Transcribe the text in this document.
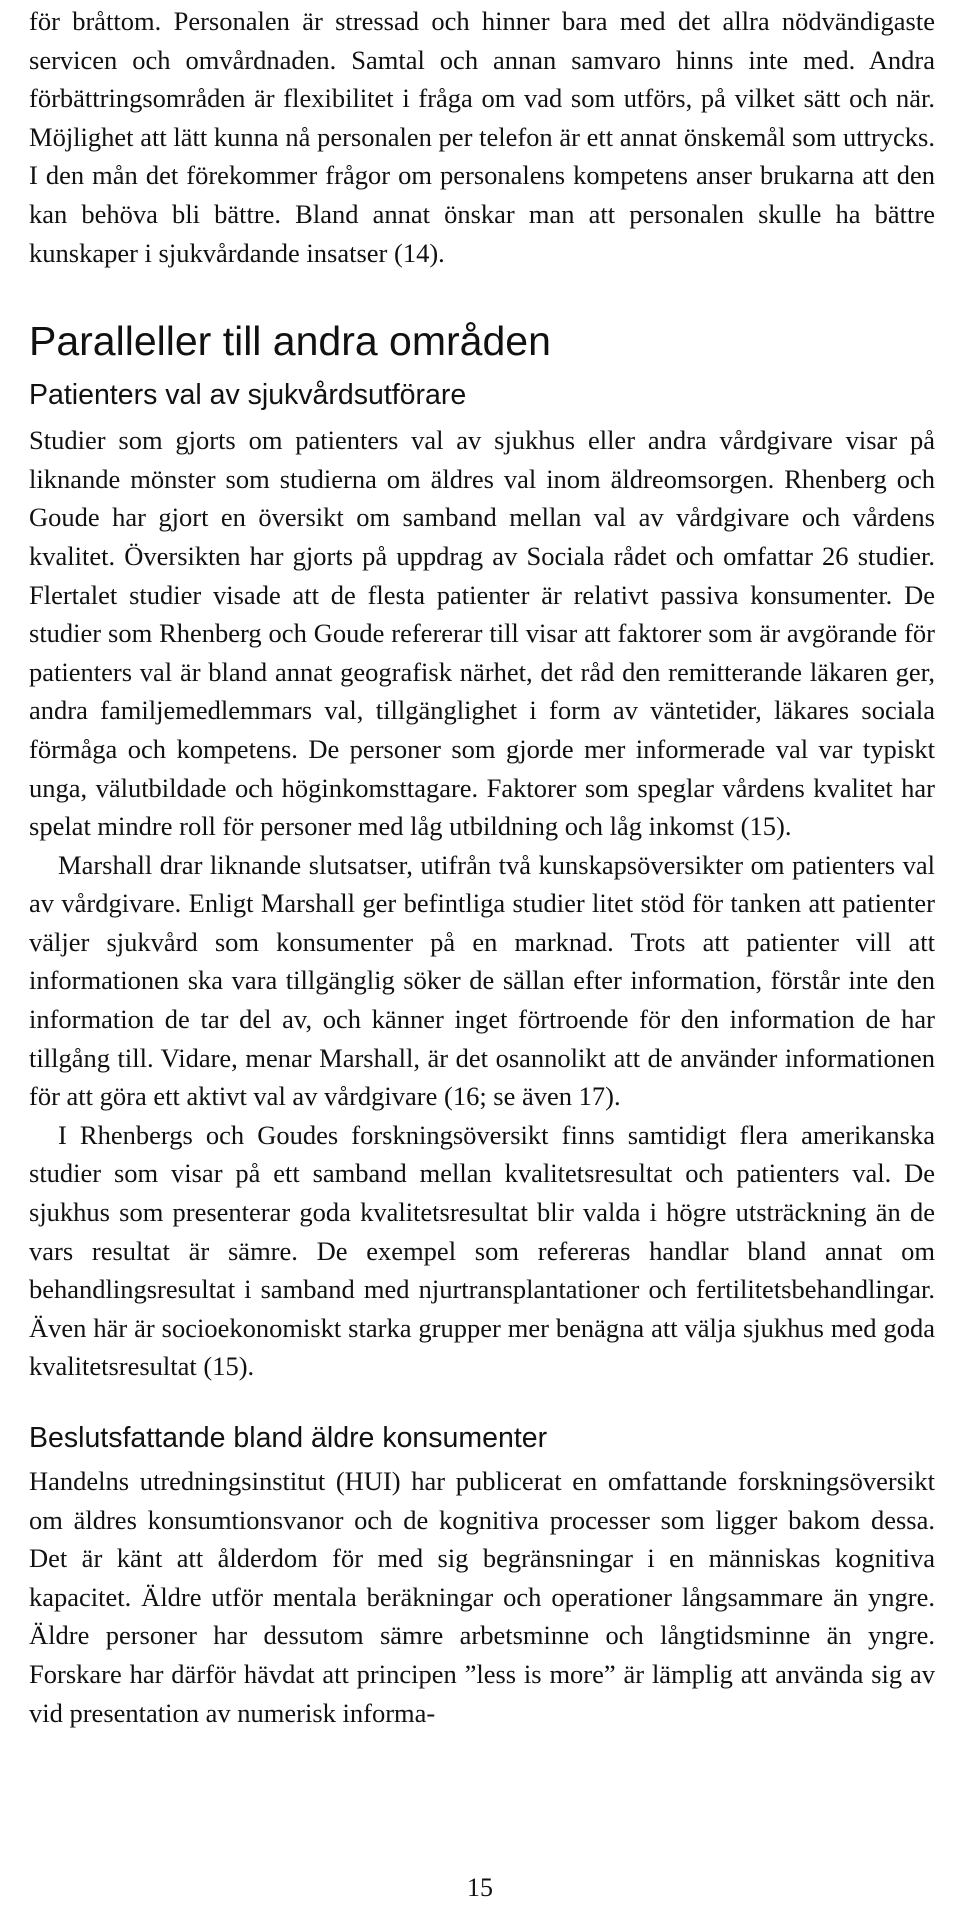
för bråttom. Personalen är stressad och hinner bara med det allra nödvändigaste servicen och omvårdnaden. Samtal och annan samvaro hinns inte med. Andra förbättringsområden är flexibilitet i fråga om vad som utförs, på vilket sätt och när. Möjlighet att lätt kunna nå personalen per telefon är ett annat önskemål som uttrycks. I den mån det förekommer frågor om personalens kompetens anser brukarna att den kan behöva bli bättre. Bland annat önskar man att personalen skulle ha bättre kunskaper i sjukvårdande insatser (14).

Paralleller till andra områden
Patienters val av sjukvårdsutförare

Studier som gjorts om patienters val av sjukhus eller andra vårdgivare visar på liknande mönster som studierna om äldres val inom äldreomsorgen. Rhenberg och Goude har gjort en översikt om samband mellan val av vårdgivare och vårdens kvalitet. Översikten har gjorts på uppdrag av Sociala rådet och omfattar 26 studier. Flertalet studier visade att de flesta patienter är relativt passiva konsumenter. De studier som Rhenberg och Goude refererar till visar att faktorer som är avgörande för patienters val är bland annat geografisk närhet, det råd den remitterande läkaren ger, andra familjemedlemmars val, tillgänglighet i form av väntetider, läkares sociala förmåga och kompetens. De personer som gjorde mer informerade val var typiskt unga, välutbildade och höginkomsttagare. Faktorer som speglar vårdens kvalitet har spelat mindre roll för personer med låg utbildning och låg inkomst (15).

Marshall drar liknande slutsatser, utifrån två kunskapsöversikter om patienters val av vårdgivare. Enligt Marshall ger befintliga studier litet stöd för tanken att patienter väljer sjukvård som konsumenter på en marknad. Trots att patienter vill att informationen ska vara tillgänglig söker de sällan efter information, förstår inte den information de tar del av, och känner inget förtroende för den information de har tillgång till. Vidare, menar Marshall, är det osannolikt att de använder informationen för att göra ett aktivt val av vårdgivare (16; se även 17).

I Rhenbergs och Goudes forskningsöversikt finns samtidigt flera amerikanska studier som visar på ett samband mellan kvalitetsresultat och patienters val. De sjukhus som presenterar goda kvalitetsresultat blir valda i högre utsträckning än de vars resultat är sämre. De exempel som refereras handlar bland annat om behandlingsresultat i samband med njurtransplantationer och fertilitetsbehandlingar. Även här är socioekonomiskt starka grupper mer benägna att välja sjukhus med goda kvalitetsresultat (15).

Beslutsfattande bland äldre konsumenter

Handelns utredningsinstitut (HUI) har publicerat en omfattande forskningsöversikt om äldres konsumtionsvanor och de kognitiva processer som ligger bakom dessa. Det är känt att ålderdom för med sig begränsningar i en människas kognitiva kapacitet. Äldre utför mentala beräkningar och operationer långsammare än yngre. Äldre personer har dessutom sämre arbetsminne och långtidsminne än yngre. Forskare har därför hävdat att principen ”less is more” är lämplig att använda sig av vid presentation av numerisk informa-

15
